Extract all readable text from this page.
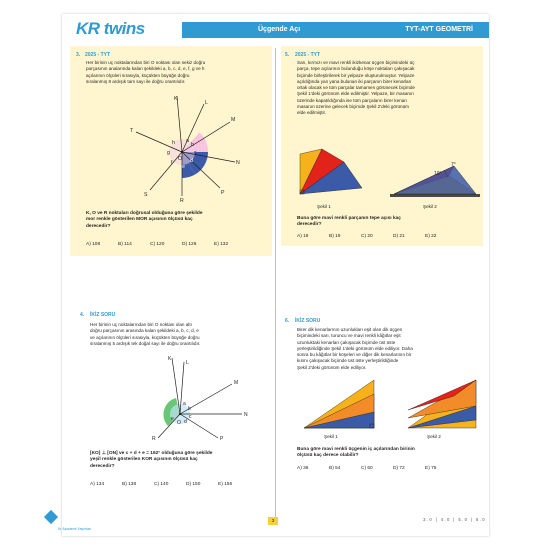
KR twins	Üçgende Açı	TYT-AYT GEOMETRİ
3. 2025 - TYT
Her birinin uç noktalarından biri O noktası olan sekiz doğru
parçasının analarında kalan şekildeki a, b, c, d, e, f, g ve h
açılarının ölçüleri sırasıyla, küçükten büyüğe doğru
sıralanmış 8 ardışık tam sayı ile doğru orantılıdır.
K
L
M
N
P
R
S
T
O
a
b
c
d
e
f
g
h
K, O ve R noktaları doğrusal olduğuna göre şekilde
mor renkle gösterilen MOR açısının ölçüsü kaç
derecedir?
A) 108	B) 114	C) 120	D) 126	E) 132
4. İKİZ SORU
Her birinin uç noktalarından biri O noktası olan altı
doğru parçasının arasında kalan şekildeki a, b, c, d, e
ve açılarının ölçüleri sırasıyla, küçükten büyüğe doğru
sıralanmış 5 ardışık tek doğal sayı ile doğru orantılıdır.
K
L
M
N
P
R
O
a
b
c
d
e
[KO] ⊥ [ON] ve c + d + e = 162° olduğuna göre şekilde
yeşil renkle gösterilen KOR açısının ölçüsü kaç
derecedir?
A) 134	B) 138	C) 140	D) 150	E) 156
5. 2025 - TYT
Sarı, kırmızı ve mavi renkli ikizkenar üçgen biçimindeki üç
parça, tepe açılarının bulunduğu köşe noktaları çakışacak
biçimde birleştirilerek bir yelpaze oluşturulmuştur. Yelpaze
açıldığında yan yana bulunan iki parçanın birer kenarları
ortak olacak ve tüm parçalar tamamen görünecek biçimde
Şekil 1'deki görünüm elde edilmiştir. Yelpaze, bir masanın
üzerinde kapatıldığında ise tüm parçaların birer kenarı
masanın üzerine gelecek biçimde Şekil 2'deki görünüm
elde edilmiştir.
10°
7°
Şekil 1	Şekil 2
Buna göre mavi renkli parçanın tepe açısı kaç
derecedir?
A) 18	B) 19	C) 20	D) 21	E) 22
6. İKİZ SORU
Birer dik kenarlarının uzunlukları eşit olan dik üçgen
biçimindeki sarı, turuncu ve mavi renkli kâğıtlar eşit
uzunluktaki kenarları çakışacak biçimde üst üste
yerleştirildiğinde Şekil 1'deki görünüm elde ediliyor. Daha
sonra bu kâğıtlar bir köşeleri ve diğer dik kenarlarının bir
kısmı çakışacak biçimde üst üste yerleştirildiğinde
Şekil 2'deki görünüm elde ediliyor.
Şekil 1	Şekil 2
Buna göre mavi renkli üçgenin iç açılarından birinin
ölçüsü kaç derece olabilir?
A) 36	B) 54	C) 60	D) 72	E) 75
Kr Akademi Yayınları
3	3.0 | 4.0 | 5.0 | 6.0
